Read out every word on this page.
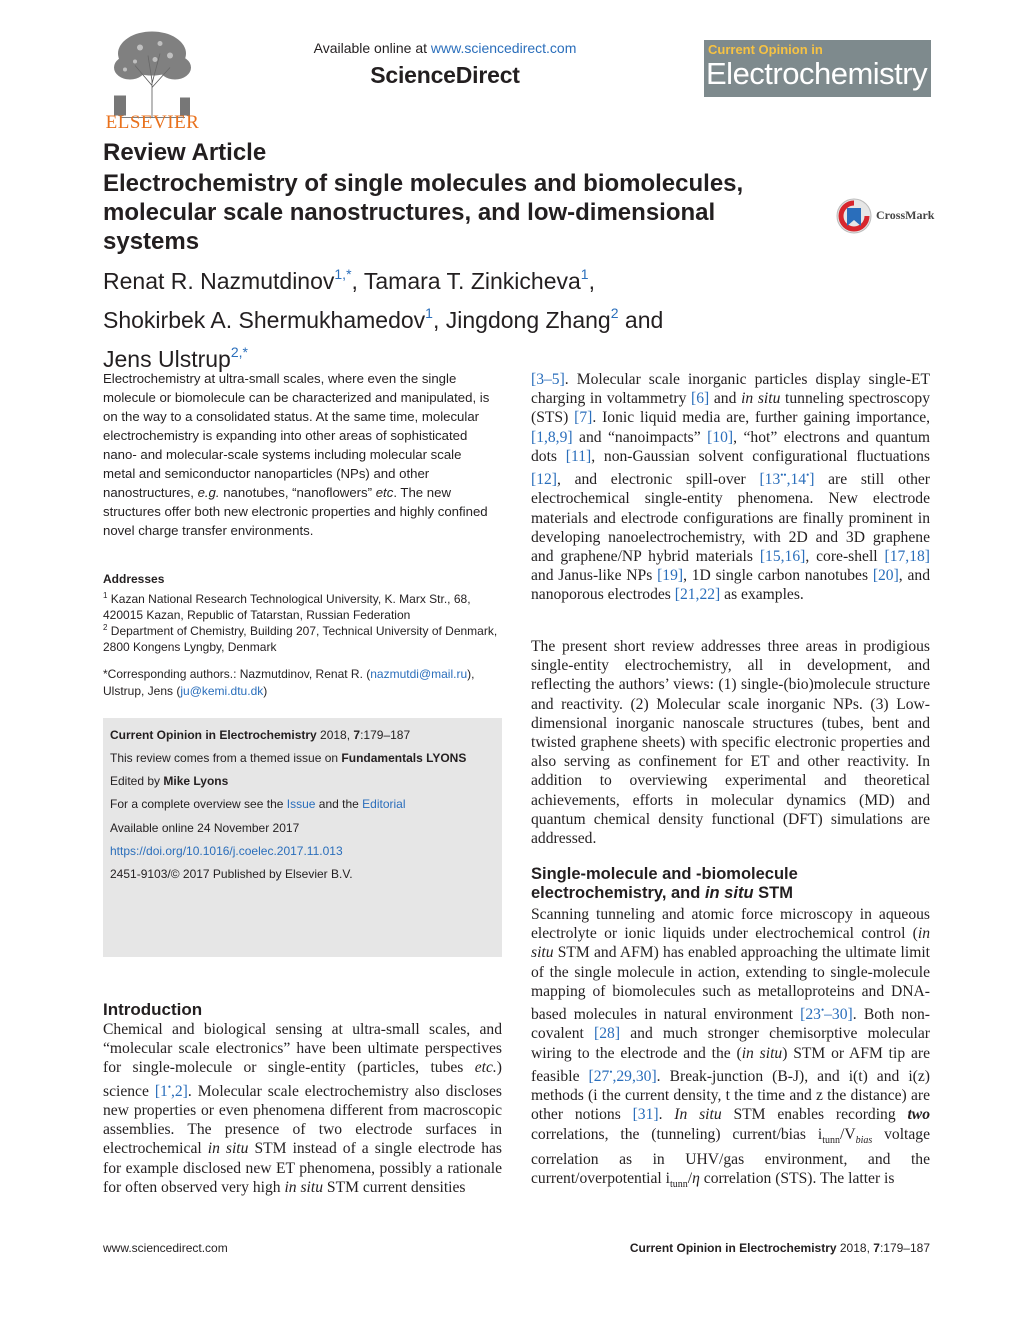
ELSEVIER
Available online at www.sciencedirect.com
ScienceDirect
Current Opinion in
Electrochemistry
Review Article
Electrochemistry of single molecules and biomolecules, molecular scale nanostructures, and low-dimensional systems
CrossMark
Renat R. Nazmutdinov$^{1,*}$, Tamara T. Zinkicheva$^1$,
Shokirbek A. Shermukhamedov$^1$, Jingdong Zhang$^2$ and
Jens Ulstrup$^{2,*}$
Electrochemistry at ultra-small scales, where even the single molecule or biomolecule can be characterized and manipulated, is on the way to a consolidated status. At the same time, molecular electrochemistry is expanding into other areas of sophisticated nano- and molecular-scale systems including molecular scale metal and semiconductor nanoparticles (NPs) and other nanostructures, e.g. nanotubes, “nanoflowers” etc. The new structures offer both new electronic properties and highly confined novel charge transfer environments.
Addresses
$^1$ Kazan National Research Technological University, K. Marx Str., 68, 420015 Kazan, Republic of Tatarstan, Russian Federation
$^2$ Department of Chemistry, Building 207, Technical University of Denmark, 2800 Kongens Lyngby, Denmark
*Corresponding authors.: Nazmutdinov, Renat R. (nazmutdi@mail.ru), Ulstrup, Jens (ju@kemi.dtu.dk)
Current Opinion in Electrochemistry 2018, 7:179–187
This review comes from a themed issue on Fundamentals LYONS
Edited by Mike Lyons
For a complete overview see the Issue and the Editorial
Available online 24 November 2017
https://doi.org/10.1016/j.coelec.2017.11.013
2451-9103/© 2017 Published by Elsevier B.V.
Introduction
Chemical and biological sensing at ultra-small scales, and “molecular scale electronics” have been ultimate perspectives for single-molecule or single-entity (particles, tubes etc.) science [1•,2]. Molecular scale electrochemistry also discloses new properties or even phenomena different from macroscopic assemblies. The presence of two electrode surfaces in electrochemical in situ STM instead of a single electrode has for example disclosed new ET phenomena, possibly a rationale for often observed very high in situ STM current densities
[3–5]. Molecular scale inorganic particles display single-ET charging in voltammetry [6] and in situ tunneling spectroscopy (STS) [7]. Ionic liquid media are, further gaining importance, [1,8,9] and “nanoimpacts” [10], “hot” electrons and quantum dots [11], non-Gaussian solvent configurational fluctuations [12], and electronic spill-over [13••,14•] are still other electrochemical single-entity phenomena. New electrode materials and electrode configurations are finally prominent in developing nanoelectrochemistry, with 2D and 3D graphene and graphene/NP hybrid materials [15,16], core-shell [17,18] and Janus-like NPs [19], 1D single carbon nanotubes [20], and nanoporous electrodes [21,22] as examples.
The present short review addresses three areas in prodigious single-entity electrochemistry, all in development, and reflecting the authors’ views: (1) single-(bio)molecule structure and reactivity. (2) Molecular scale inorganic NPs. (3) Low-dimensional inorganic nanoscale structures (tubes, bent and twisted graphene sheets) with specific electronic properties and also serving as confinement for ET and other reactivity. In addition to overviewing experimental and theoretical achievements, efforts in molecular dynamics (MD) and quantum chemical density functional (DFT) simulations are addressed.
Single-molecule and -biomolecule
electrochemistry, and in situ STM
Scanning tunneling and atomic force microscopy in aqueous electrolyte or ionic liquids under electrochemical control (in situ STM and AFM) has enabled approaching the ultimate limit of the single molecule in action, extending to single-molecule mapping of biomolecules such as metalloproteins and DNA-based molecules in natural environment [23•–30]. Both non-covalent [28] and much stronger chemisorptive molecular wiring to the electrode and the (in situ) STM or AFM tip are feasible [27•,29,30]. Break-junction (B-J), and i(t) and i(z) methods (i the current density, t the time and z the distance) are other notions [31]. In situ STM enables recording two correlations, the (tunneling) current/bias $i_{tunn}/V_{bias}$ voltage correlation as in UHV/gas environment, and the current/overpotential $i_{tunn}/\eta$ correlation (STS). The latter is
www.sciencedirect.com	Current Opinion in Electrochemistry 2018, 7:179–187
